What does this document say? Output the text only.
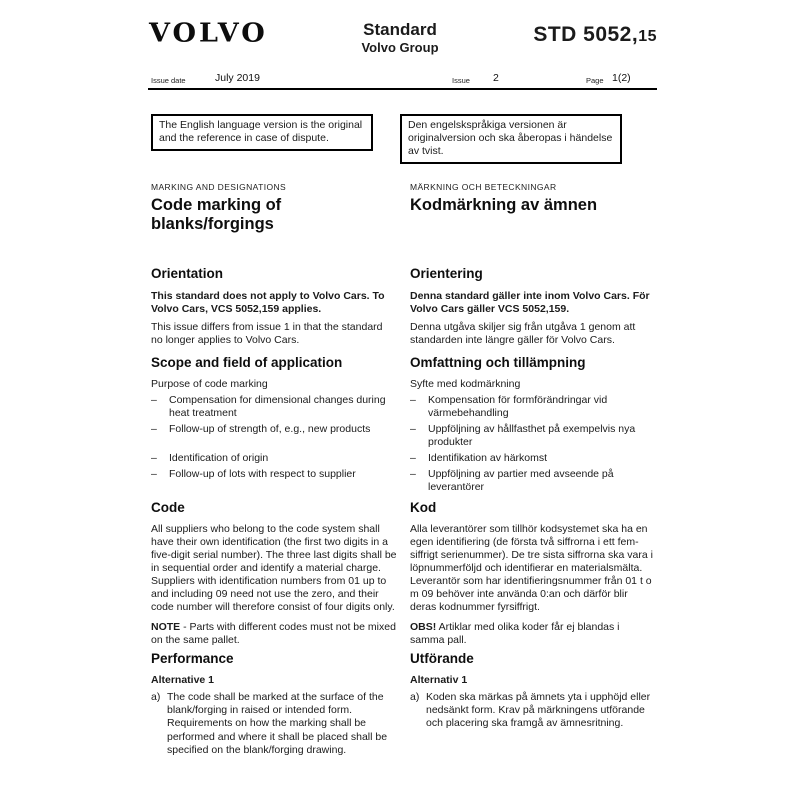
VOLVO	Standard
Volvo Group
STD 5052,15
Issue date	July 2019	Issue 2	Page 1(2)
The English language version is the original and the reference in case of dispute.
Den engelskspråkiga versionen är originalversion och ska åberopas i händelse av tvist.
MARKING AND DESIGNATIONS	MÄRKNING OCH BETECKNINGAR
Code marking of blanks/forgings
Kodmärkning av ämnen
Orientation	Orientering
This standard does not apply to Volvo Cars. To Volvo Cars, VCS 5052,159 applies.
Denna standard gäller inte inom Volvo Cars. För Volvo Cars gäller VCS 5052,159.
This issue differs from issue 1 in that the standard no longer applies to Volvo Cars.
Denna utgåva skiljer sig från utgåva 1 genom att standarden inte längre gäller för Volvo Cars.
Scope and field of application	Omfattning och tillämpning
Purpose of code marking	Syfte med kodmärkning
–	Compensation for dimensional changes during heat treatment
–	Kompensation för formförändringar vid värmebehandling
–	Follow-up of strength of, e.g., new products	–	Uppföljning av hållfasthet på exempelvis nya produkter
–	Identification of origin	–	Identifikation av härkomst
–	Follow-up of lots with respect to supplier	–	Uppföljning av partier med avseende på leverantörer
Code	Kod
All suppliers who belong to the code system shall have their own identification (the first two digits in a five-digit serial number). The three last digits shall be in sequential order and identify a material charge. Suppliers with identification numbers from 01 up to and including 09 need not use the zero, and their code number will therefore consist of four digits only.
Alla leverantörer som tillhör kodsystemet ska ha en egen identifiering (de första två siffrorna i ett fem-siffrigt serienummer). De tre sista siffrorna ska vara i löpnummerföljd och identifierar en materialsmälta. Leverantör som har identifieringsnummer från 01 t o m 09 behöver inte använda 0:an och därför blir deras kodnummer fyrsiffrigt.
NOTE - Parts with different codes must not be mixed on the same pallet.
OBS! Artiklar med olika koder får ej blandas i samma pall.
Performance	Utförande
Alternative 1	Alternativ 1
a) The code shall be marked at the surface of the blank/forging in raised or intended form. Requirements on how the marking shall be performed and where it shall be placed shall be specified on the blank/forging drawing.
a) Koden ska märkas på ämnets yta i upphöjd eller nedsänkt form. Krav på märkningens utförande och placering ska framgå av ämnesritning.
